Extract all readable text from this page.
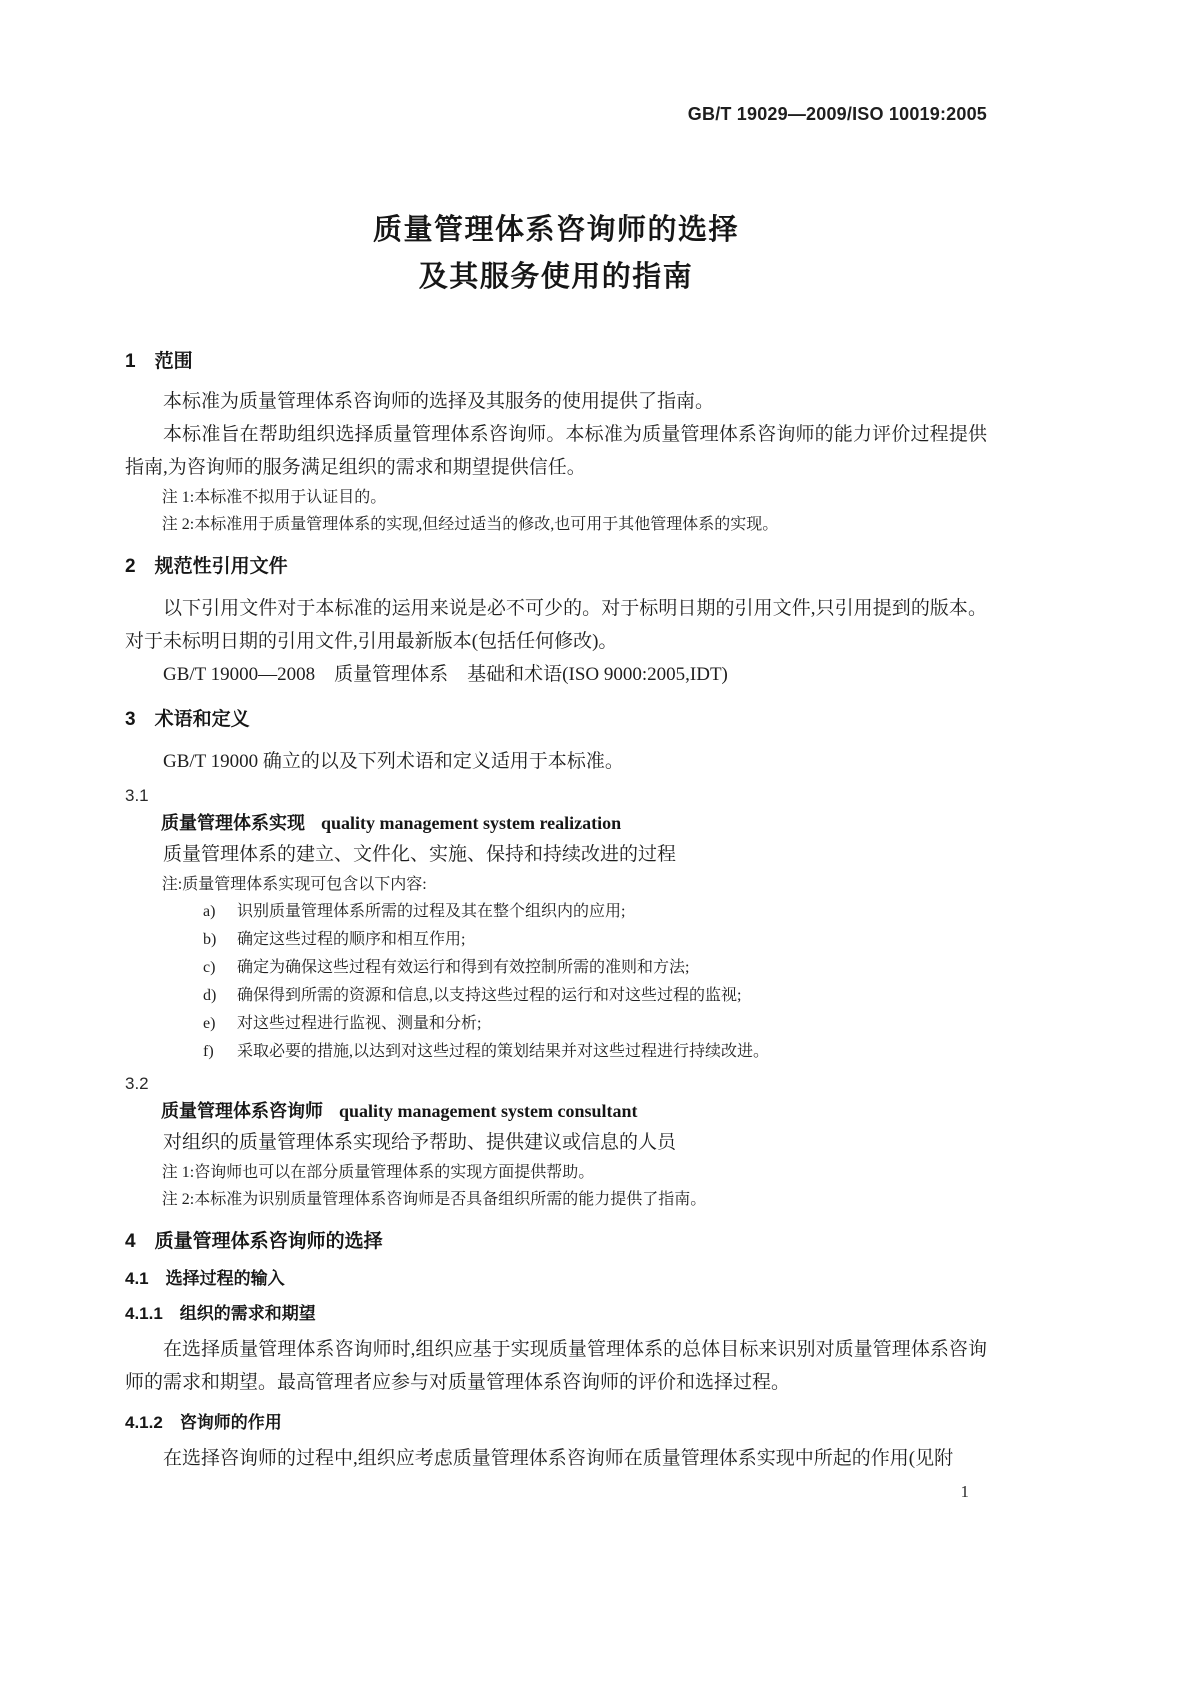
GB/T 19029—2009/ISO 10019:2005
质量管理体系咨询师的选择
及其服务使用的指南
1　范围

本标准为质量管理体系咨询师的选择及其服务的使用提供了指南。

本标准旨在帮助组织选择质量管理体系咨询师。本标准为质量管理体系咨询师的能力评价过程提供指南,为咨询师的服务满足组织的需求和期望提供信任。

注 1:本标准不拟用于认证目的。

注 2:本标准用于质量管理体系的实现,但经过适当的修改,也可用于其他管理体系的实现。

2　规范性引用文件

以下引用文件对于本标准的运用来说是必不可少的。对于标明日期的引用文件,只引用提到的版本。对于未标明日期的引用文件,引用最新版本(包括任何修改)。

GB/T 19000—2008　质量管理体系　基础和术语(ISO 9000:2005,IDT)

3　术语和定义

GB/T 19000 确立的以及下列术语和定义适用于本标准。

3.1

质量管理体系实现 quality management system realization

质量管理体系的建立、文件化、实施、保持和持续改进的过程

注:质量管理体系实现可包含以下内容:

a) 识别质量管理体系所需的过程及其在整个组织内的应用;
b) 确定这些过程的顺序和相互作用;
c) 确定为确保这些过程有效运行和得到有效控制所需的准则和方法;
d) 确保得到所需的资源和信息,以支持这些过程的运行和对这些过程的监视;
e) 对这些过程进行监视、测量和分析;
f) 采取必要的措施,以达到对这些过程的策划结果并对这些过程进行持续改进。

3.2

质量管理体系咨询师 quality management system consultant

对组织的质量管理体系实现给予帮助、提供建议或信息的人员

注 1:咨询师也可以在部分质量管理体系的实现方面提供帮助。

注 2:本标准为识别质量管理体系咨询师是否具备组织所需的能力提供了指南。

4　质量管理体系咨询师的选择
4.1　选择过程的输入
4.1.1　组织的需求和期望

在选择质量管理体系咨询师时,组织应基于实现质量管理体系的总体目标来识别对质量管理体系咨询师的需求和期望。最高管理者应参与对质量管理体系咨询师的评价和选择过程。

4.1.2　咨询师的作用

在选择咨询师的过程中,组织应考虑质量管理体系咨询师在质量管理体系实现中所起的作用(见附

1
